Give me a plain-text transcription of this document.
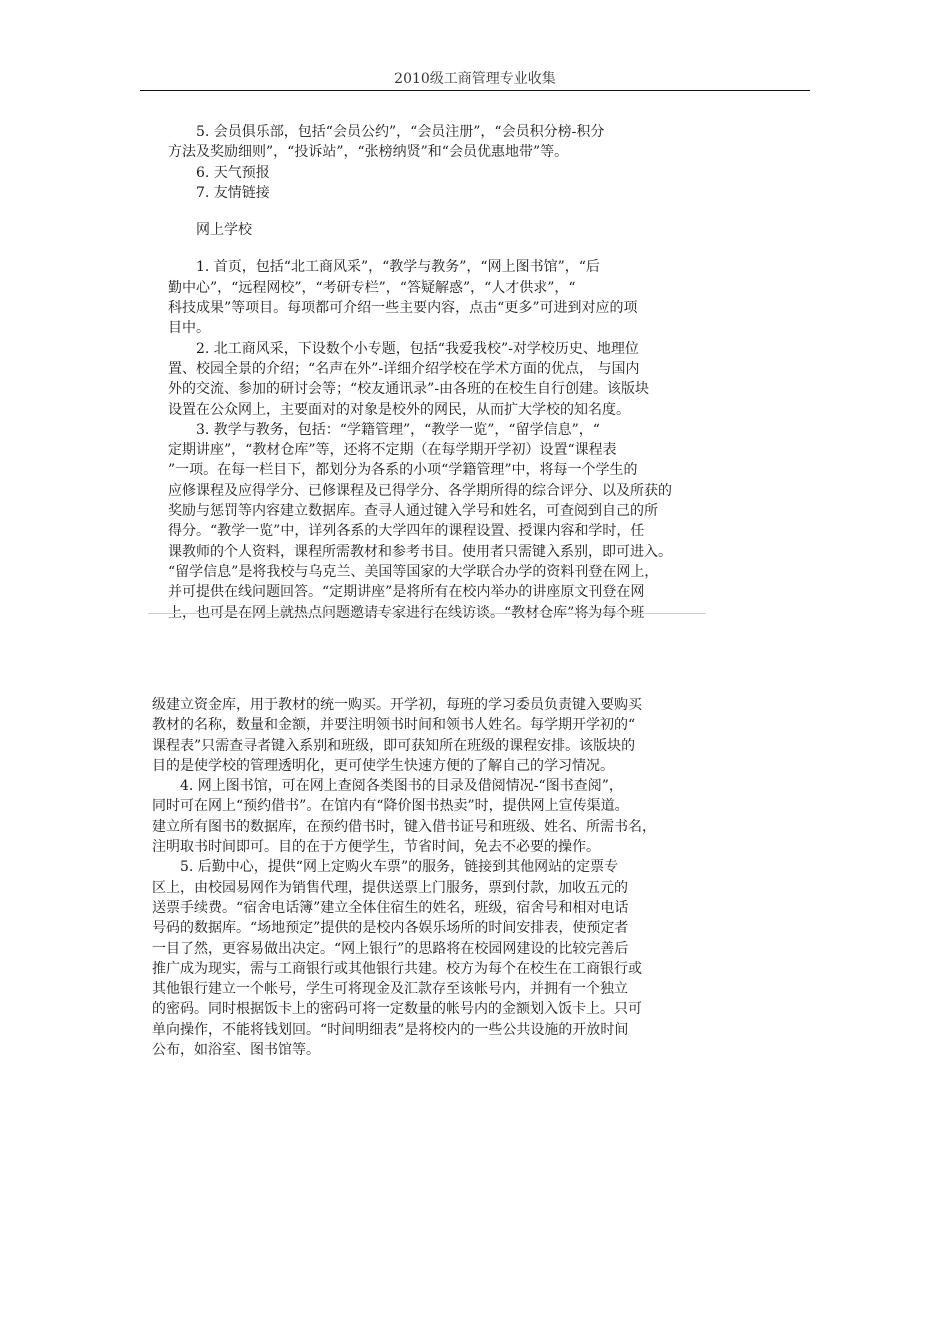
2010级工商管理专业收集
5. 会员俱乐部，包括“会员公约”，“会员注册”，“会员积分榜-积分
方法及奖励细则”，“投诉站”，“张榜纳贤”和“会员优惠地带”等。
6. 天气预报
7. 友情链接
网上学校
1. 首页，包括“北工商风采”，“教学与教务”，“网上图书馆”，“后
勤中心”，“远程网校”，“考研专栏”，“答疑解惑”，“人才供求”，“
科技成果”等项目。每项都可介绍一些主要内容，点击“更多”可进到对应的项
目中。
2. 北工商风采，下设数个小专题，包括“我爱我校”-对学校历史、地理位
置、校园全景的介绍；“名声在外”-详细介绍学校在学术方面的优点， 与国内
外的交流、参加的研讨会等；“校友通讯录”-由各班的在校生自行创建。该版块
设置在公众网上，主要面对的对象是校外的网民，从而扩大学校的知名度。
3. 教学与教务，包括：“学籍管理”，“教学一览”，“留学信息”，“
定期讲座”，“教材仓库”等，还将不定期（在每学期开学初）设置“课程表
”一项。在每一栏目下，都划分为各系的小项“学籍管理”中，将每一个学生的
应修课程及应得学分、已修课程及已得学分、各学期所得的综合评分、以及所获的
奖励与惩罚等内容建立数据库。查寻人通过键入学号和姓名，可查阅到自己的所
得分。“教学一览”中，详列各系的大学四年的课程设置、授课内容和学时，任
课教师的个人资料，课程所需教材和参考书目。使用者只需键入系别，即可进入。
“留学信息”是将我校与乌克兰、美国等国家的大学联合办学的资料刊登在网上，
并可提供在线问题回答。“定期讲座”是将所有在校内举办的讲座原文刊登在网
上，也可是在网上就热点问题邀请专家进行在线访谈。“教材仓库”将为每个班
级建立资金库，用于教材的统一购买。开学初，每班的学习委员负责键入要购买
教材的名称，数量和金额，并要注明领书时间和领书人姓名。每学期开学初的“
课程表”只需查寻者键入系别和班级，即可获知所在班级的课程安排。该版块的
目的是使学校的管理透明化，更可使学生快速方便的了解自己的学习情况。
4. 网上图书馆，可在网上查阅各类图书的目录及借阅情况-“图书查阅”，
同时可在网上“预约借书”。在馆内有“降价图书热卖”时，提供网上宣传渠道。
建立所有图书的数据库，在预约借书时，键入借书证号和班级、姓名、所需书名，
注明取书时间即可。目的在于方便学生，节省时间，免去不必要的操作。
5. 后勤中心，提供“网上定购火车票”的服务，链接到其他网站的定票专
区上，由校园易网作为销售代理，提供送票上门服务，票到付款，加收五元的
送票手续费。“宿舍电话簿”建立全体住宿生的姓名，班级，宿舍号和相对电话
号码的数据库。“场地预定”提供的是校内各娱乐场所的时间安排表，使预定者
一目了然，更容易做出决定。“网上银行”的思路将在校园网建设的比较完善后
推广成为现实，需与工商银行或其他银行共建。校方为每个在校生在工商银行或
其他银行建立一个帐号，学生可将现金及汇款存至该帐号内，并拥有一个独立
的密码。同时根据饭卡上的密码可将一定数量的帐号内的金额划入饭卡上。只可
单向操作，不能将钱划回。“时间明细表”是将校内的一些公共设施的开放时间
公布，如浴室、图书馆等。
